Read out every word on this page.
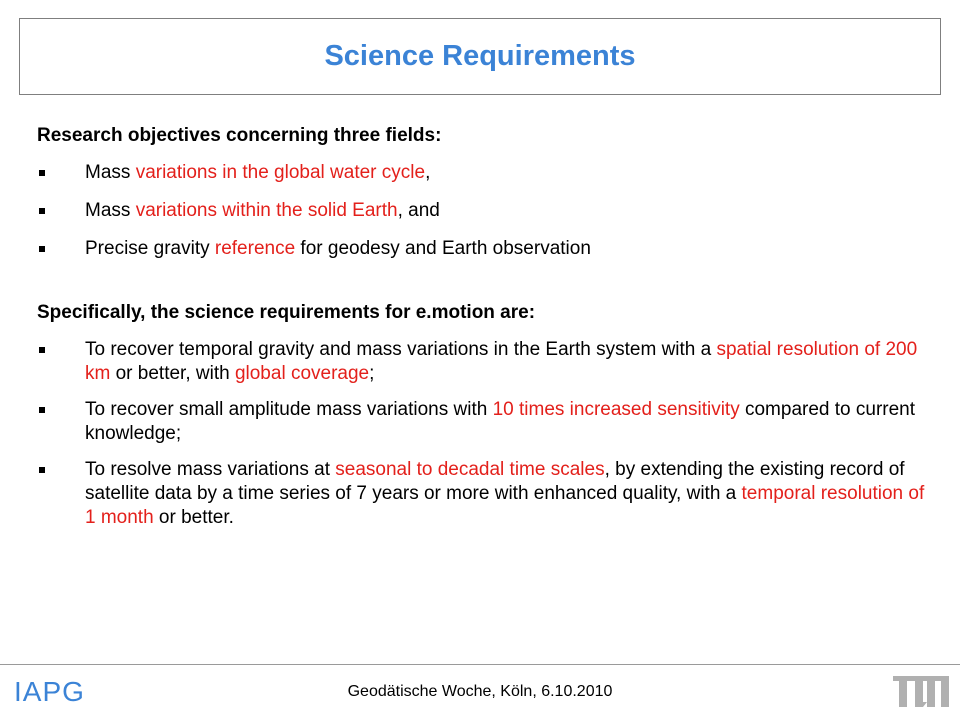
Science Requirements

Research objectives concerning three fields:

Mass variations in the global water cycle,
Mass variations within the solid Earth, and
Precise gravity reference for geodesy and Earth observation

Specifically, the science requirements for e.motion are:

To recover temporal gravity and mass variations in the Earth system with a spatial resolution of 200 km or better, with global coverage;
To recover small amplitude mass variations with 10 times increased sensitivity compared to current knowledge;
To resolve mass variations at seasonal to decadal time scales, by extending the existing record of satellite data by a time series of 7 years or more with enhanced quality, with a temporal resolution of 1 month or better.

IAPG	Geodätische Woche, Köln, 6.10.2010
